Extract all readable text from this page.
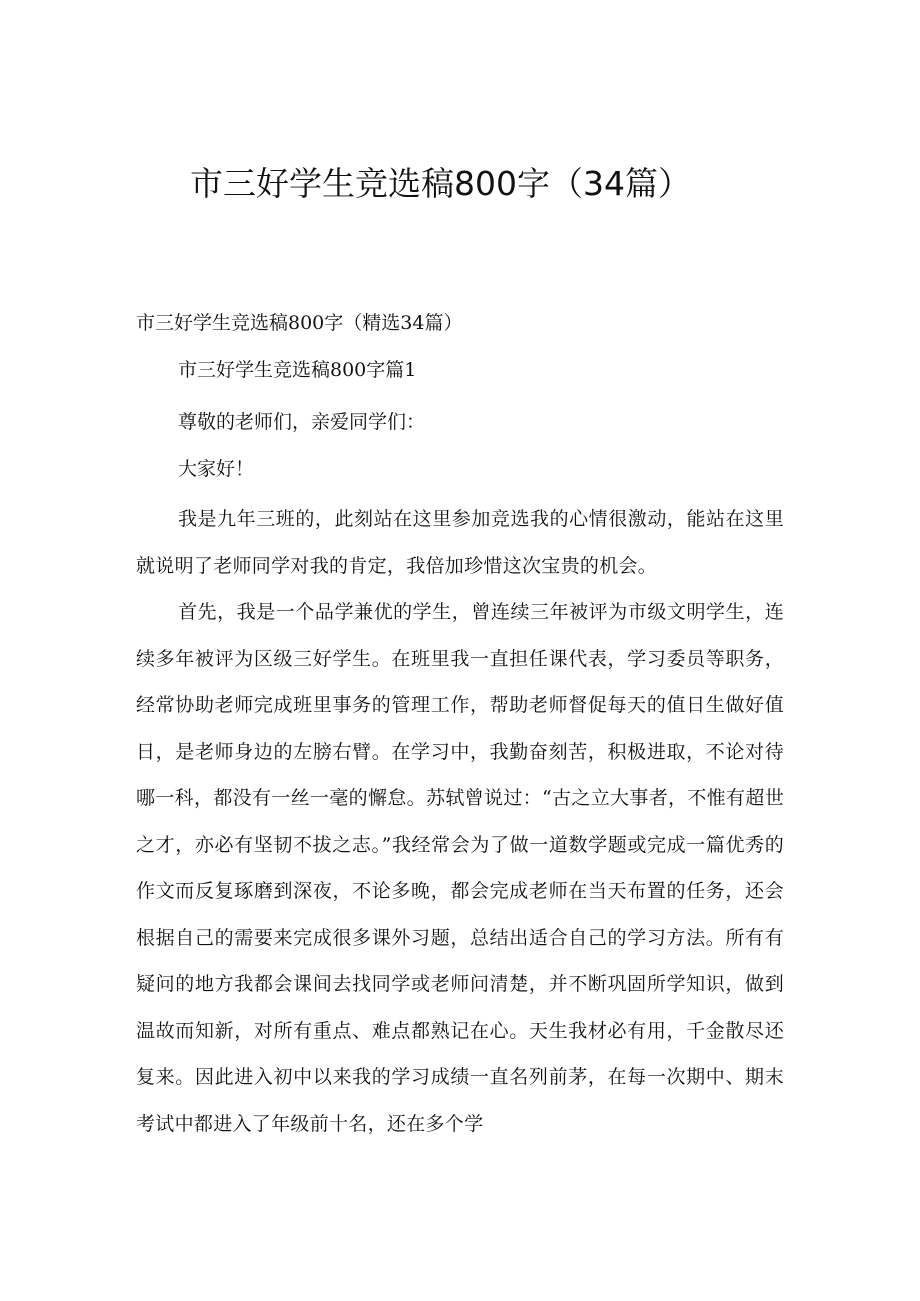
市三好学生竞选稿800字（34篇）

市三好学生竞选稿800字（精选34篇）

市三好学生竞选稿800字篇1

尊敬的老师们，亲爱同学们：

大家好！

我是九年三班的，此刻站在这里参加竞选我的心情很激动，能站在这里就说明了老师同学对我的肯定，我倍加珍惜这次宝贵的机会。

首先，我是一个品学兼优的学生，曾连续三年被评为市级文明学生，连续多年被评为区级三好学生。在班里我一直担任课代表，学习委员等职务，经常协助老师完成班里事务的管理工作，帮助老师督促每天的值日生做好值日，是老师身边的左膀右臂。在学习中，我勤奋刻苦，积极进取，不论对待哪一科，都没有一丝一毫的懈怠。苏轼曾说过：“古之立大事者，不惟有超世之才，亦必有坚韧不拔之志。”我经常会为了做一道数学题或完成一篇优秀的作文而反复琢磨到深夜，不论多晚，都会完成老师在当天布置的任务，还会根据自己的需要来完成很多课外习题，总结出适合自己的学习方法。所有有疑问的地方我都会课间去找同学或老师问清楚，并不断巩固所学知识，做到温故而知新，对所有重点、难点都熟记在心。天生我材必有用，千金散尽还复来。因此进入初中以来我的学习成绩一直名列前茅，在每一次期中、期末考试中都进入了年级前十名，还在多个学
